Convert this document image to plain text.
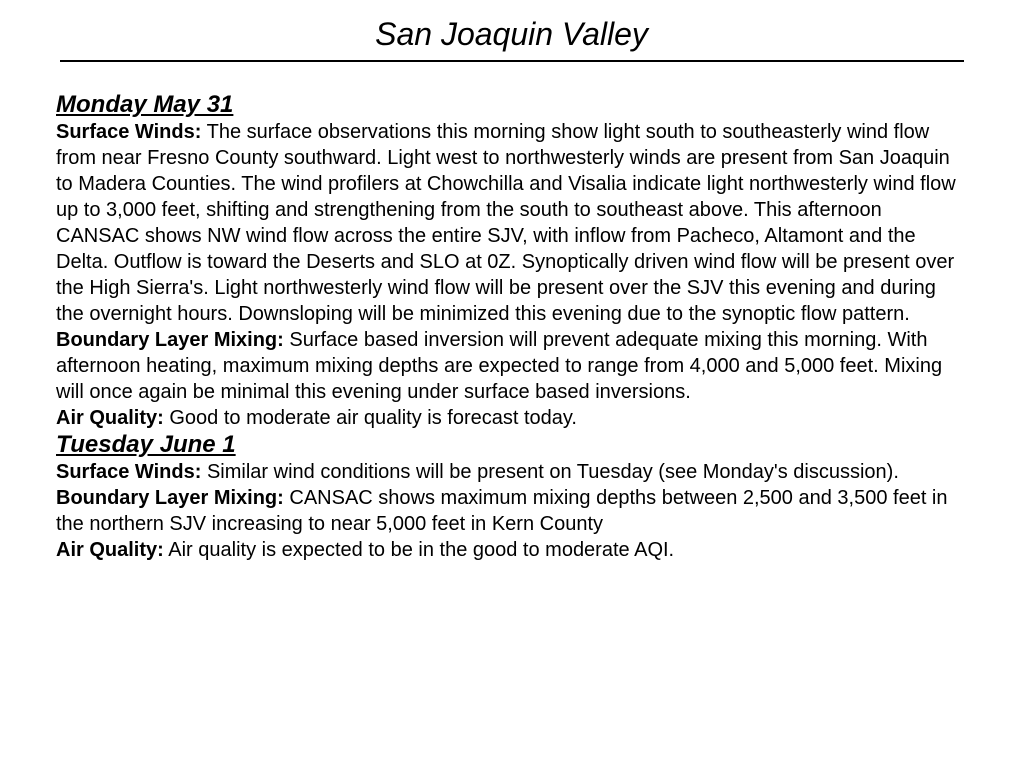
San Joaquin Valley
Monday May 31

Surface Winds: The surface observations this morning show light south to southeasterly wind flow from near Fresno County southward. Light west to northwesterly winds are present from San Joaquin to Madera Counties. The wind profilers at Chowchilla and Visalia indicate light northwesterly wind flow up to 3,000 feet, shifting and strengthening from the south to southeast above. This afternoon CANSAC shows NW wind flow across the entire SJV, with inflow from Pacheco, Altamont and the Delta. Outflow is toward the Deserts and SLO at 0Z. Synoptically driven wind flow will be present over the High Sierra's. Light northwesterly wind flow will be present over the SJV this evening and during the overnight hours. Downsloping will be minimized this evening due to the synoptic flow pattern.

Boundary Layer Mixing: Surface based inversion will prevent adequate mixing this morning. With afternoon heating, maximum mixing depths are expected to range from 4,000 and 5,000 feet. Mixing will once again be minimal this evening under surface based inversions.

Air Quality: Good to moderate air quality is forecast today.

Tuesday June 1

Surface Winds: Similar wind conditions will be present on Tuesday (see Monday's discussion).

Boundary Layer Mixing: CANSAC shows maximum mixing depths between 2,500 and 3,500 feet in the northern SJV increasing to near 5,000 feet in Kern County

Air Quality: Air quality is expected to be in the good to moderate AQI.
